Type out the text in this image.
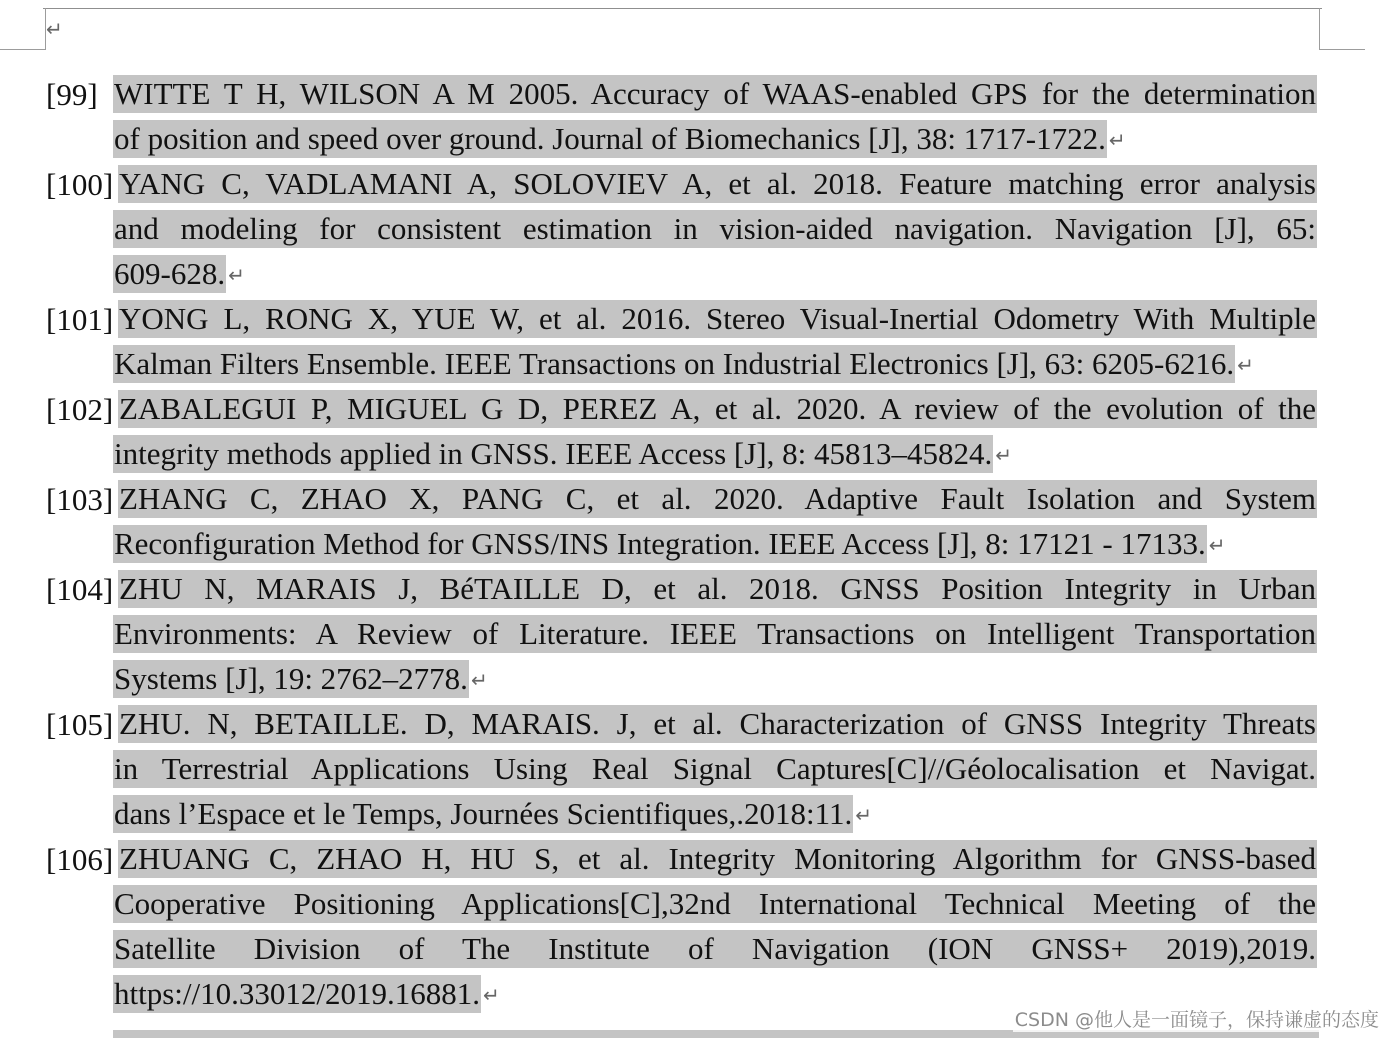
↵
[99] WITTE T H, WILSON A M 2005. Accuracy of WAAS-enabled GPS for the determination
of position and speed over ground. Journal of Biomechanics [J], 38: 1717-1722. ↵
[100] YANG C, VADLAMANI A, SOLOVIEV A, et al. 2018. Feature matching error analysis
and modeling for consistent estimation in vision-aided navigation. Navigation [J], 65:
609-628. ↵
[101] YONG L, RONG X, YUE W, et al. 2016. Stereo Visual-Inertial Odometry With Multiple
Kalman Filters Ensemble. IEEE Transactions on Industrial Electronics [J], 63: 6205-6216. ↵
[102] ZABALEGUI P, MIGUEL G D, PEREZ A, et al. 2020. A review of the evolution of the
integrity methods applied in GNSS. IEEE Access [J], 8: 45813–45824. ↵
[103] ZHANG C, ZHAO X, PANG C, et al. 2020. Adaptive Fault Isolation and System
Reconfiguration Method for GNSS/INS Integration. IEEE Access [J], 8: 17121 - 17133. ↵
[104] ZHU N, MARAIS J, BéTAILLE D, et al. 2018. GNSS Position Integrity in Urban
Environments: A Review of Literature. IEEE Transactions on Intelligent Transportation
Systems [J], 19: 2762–2778. ↵
[105] ZHU. N, BETAILLE. D, MARAIS. J, et al. Characterization of GNSS Integrity Threats
in Terrestrial Applications Using Real Signal Captures[C]//Géolocalisation et Navigat.
dans l’Espace et le Temps, Journées Scientifiques,.2018:11.↵
[106] ZHUANG C, ZHAO H, HU S, et al. Integrity Monitoring Algorithm for GNSS-based
Cooperative Positioning Applications[C],32nd International Technical Meeting of the
Satellite Division of The Institute of Navigation (ION GNSS+ 2019),2019.
https://10.33012/2019.16881. ↵
CSDN @他人是一面镜子，保持谦虚的态度
